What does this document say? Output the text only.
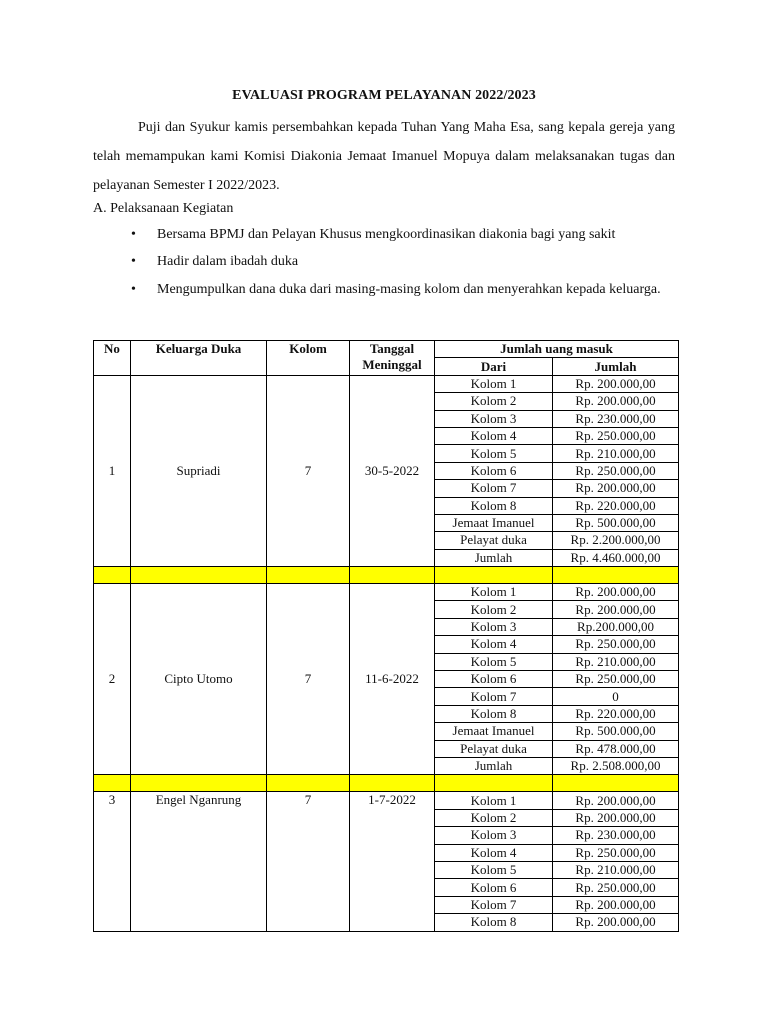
EVALUASI PROGRAM PELAYANAN 2022/2023

Puji dan Syukur kamis persembahkan kepada Tuhan Yang Maha Esa, sang kepala gereja yang telah memampukan kami Komisi Diakonia Jemaat Imanuel Mopuya dalam melaksanakan tugas dan pelayanan Semester I 2022/2023.

A. Pelaksanaan Kegiatan

• Bersama BPMJ dan Pelayan Khusus mengkoordinasikan diakonia bagi yang sakit
• Hadir dalam ibadah duka
• Mengumpulkan dana duka dari masing-masing kolom dan menyerahkan kepada keluarga.
No	Keluarga Duka	Kolom	Tanggal Meninggal	Jumlah uang masuk	
				Dari	Jumlah
1	Supriadi	7	30-5-2022	Kolom 1	Rp. 200.000,00
				Kolom 2	Rp. 200.000,00
				Kolom 3	Rp. 230.000,00
				Kolom 4	Rp. 250.000,00
				Kolom 5	Rp. 210.000,00
				Kolom 6	Rp. 250.000,00
				Kolom 7	Rp. 200.000,00
				Kolom 8	Rp. 220.000,00
				Jemaat Imanuel	Rp. 500.000,00
				Pelayat duka	Rp. 2.200.000,00
				Jumlah	Rp. 4.460.000,00

2	Cipto Utomo	7	11-6-2022	Kolom 1	Rp. 200.000,00
				Kolom 2	Rp. 200.000,00
				Kolom 3	Rp.200.000,00
				Kolom 4	Rp. 250.000,00
				Kolom 5	Rp. 210.000,00
				Kolom 6	Rp. 250.000,00
				Kolom 7	0
				Kolom 8	Rp. 220.000,00
				Jemaat Imanuel	Rp. 500.000,00
				Pelayat duka	Rp. 478.000,00
				Jumlah	Rp. 2.508.000,00

3	Engel Nganrung	7	1-7-2022	Kolom 1	Rp. 200.000,00
				Kolom 2	Rp. 200.000,00
				Kolom 3	Rp. 230.000,00
				Kolom 4	Rp. 250.000,00
				Kolom 5	Rp. 210.000,00
				Kolom 6	Rp. 250.000,00
				Kolom 7	Rp. 200.000,00
				Kolom 8	Rp. 200.000,00
